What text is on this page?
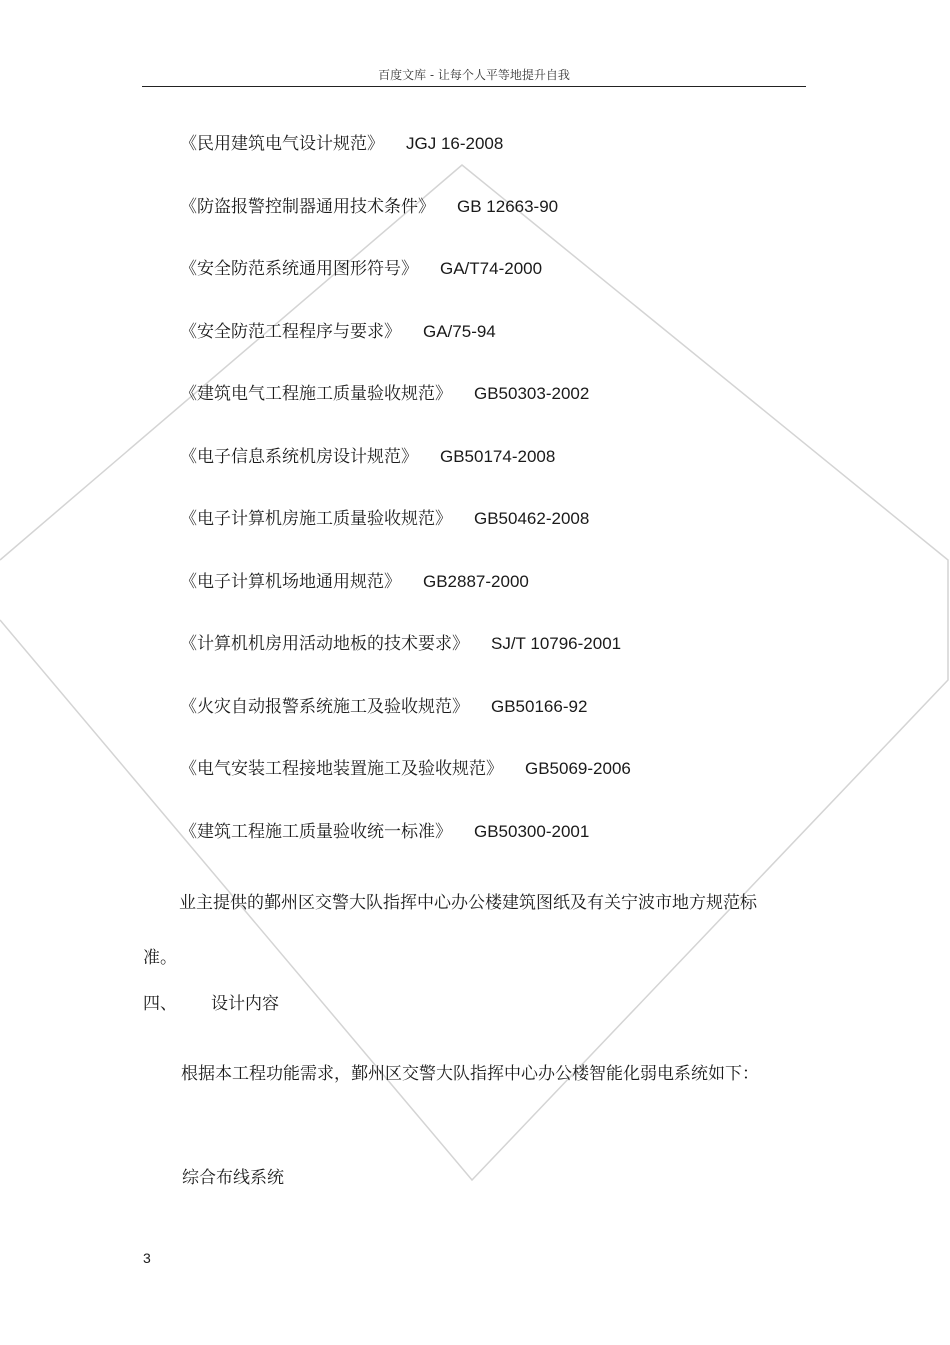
百度文库 - 让每个人平等地提升自我
《民用建筑电气设计规范》 JGJ 16-2008
《防盗报警控制器通用技术条件》 GB 12663-90
《安全防范系统通用图形符号》 GA/T74-2000
《安全防范工程程序与要求》 GA/75-94
《建筑电气工程施工质量验收规范》 GB50303-2002
《电子信息系统机房设计规范》 GB50174-2008
《电子计算机房施工质量验收规范》 GB50462-2008
《电子计算机场地通用规范》 GB2887-2000
《计算机机房用活动地板的技术要求》 SJ/T 10796-2001
《火灾自动报警系统施工及验收规范》 GB50166-92
《电气安装工程接地装置施工及验收规范》 GB5069-2006
《建筑工程施工质量验收统一标准》 GB50300-2001

业主提供的鄞州区交警大队指挥中心办公楼建筑图纸及有关宁波市地方规范标准。

四、 设计内容

根据本工程功能需求，鄞州区交警大队指挥中心办公楼智能化弱电系统如下：

综合布线系统
3
